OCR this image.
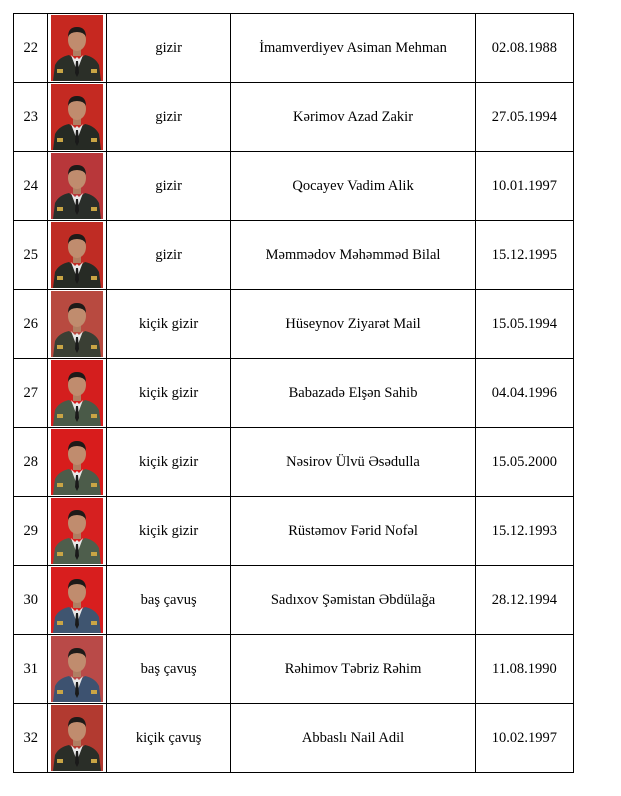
22		gizir	İmamverdiyev Asiman Mehman	02.08.1988
23		gizir	Kərimov Azad Zakir	27.05.1994
24		gizir	Qocayev Vadim Alik	10.01.1997
25		gizir	Məmmədov Məhəmməd Bilal	15.12.1995
26		kiçik gizir	Hüseynov Ziyarət Mail	15.05.1994
27		kiçik gizir	Babazadə Elşən Sahib	04.04.1996
28		kiçik gizir	Nəsirov Ülvü Əsədulla	15.05.2000
29		kiçik gizir	Rüstəmov Fərid Nofəl	15.12.1993
30		baş çavuş	Sadıxov Şəmistan Əbdülağa	28.12.1994
31		baş çavuş	Rəhimov Təbriz Rəhim	11.08.1990
32		kiçik çavuş	Abbaslı Nail Adil	10.02.1997
